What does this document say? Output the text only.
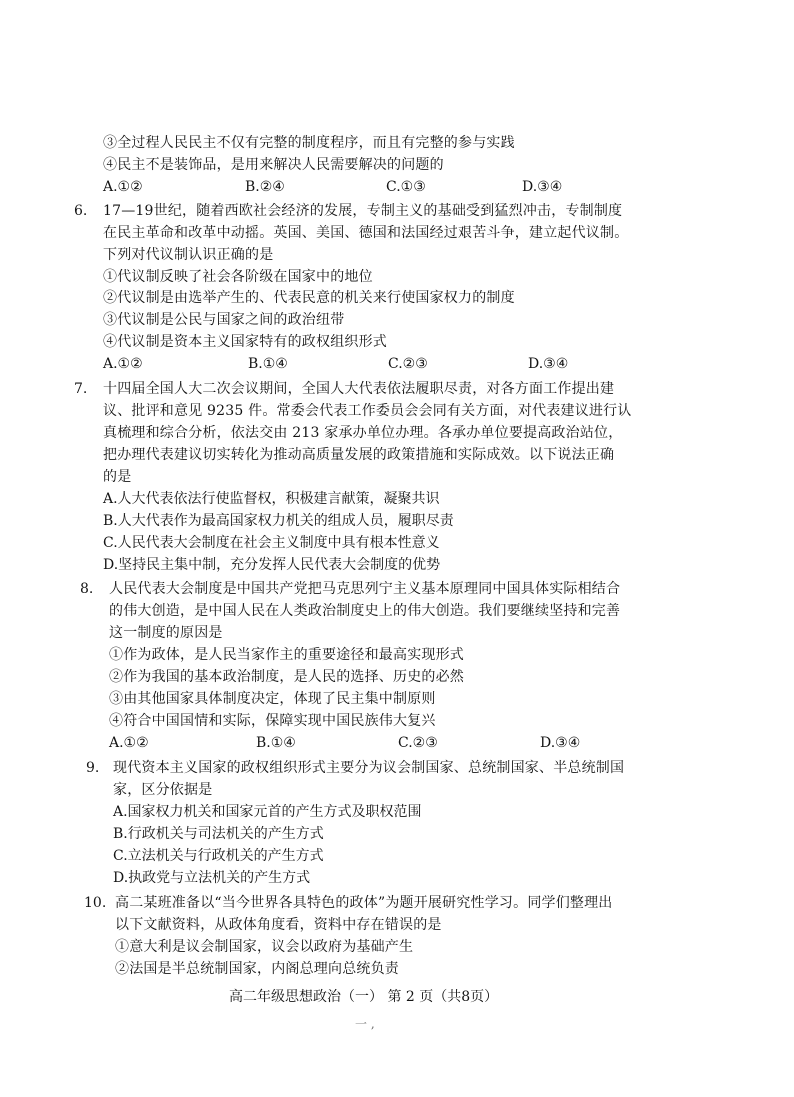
③全过程人民民主不仅有完整的制度程序，而且有完整的参与实践
④民主不是装饰品，是用来解决人民需要解决的问题的
A.①②	B.②④	C.①③	D.③④
6. 17—19世纪，随着西欧社会经济的发展，专制主义的基础受到猛烈冲击，专制制度
在民主革命和改革中动摇。英国、美国、德国和法国经过艰苦斗争，建立起代议制。
下列对代议制认识正确的是
①代议制反映了社会各阶级在国家中的地位
②代议制是由选举产生的、代表民意的机关来行使国家权力的制度
③代议制是公民与国家之间的政治纽带
④代议制是资本主义国家特有的政权组织形式
A.①②	B.①④	C.②③	D.③④
7. 十四届全国人大二次会议期间，全国人大代表依法履职尽责，对各方面工作提出建
议、批评和意见 9235 件。常委会代表工作委员会会同有关方面，对代表建议进行认
真梳理和综合分析，依法交由 213 家承办单位办理。各承办单位要提高政治站位，
把办理代表建议切实转化为推动高质量发展的政策措施和实际成效。以下说法正确
的是
A.人大代表依法行使监督权，积极建言献策，凝聚共识
B.人大代表作为最高国家权力机关的组成人员，履职尽责
C.人民代表大会制度在社会主义制度中具有根本性意义
D.坚持民主集中制，充分发挥人民代表大会制度的优势
8. 人民代表大会制度是中国共产党把马克思列宁主义基本原理同中国具体实际相结合
的伟大创造，是中国人民在人类政治制度史上的伟大创造。我们要继续坚持和完善
这一制度的原因是
①作为政体，是人民当家作主的重要途径和最高实现形式
②作为我国的基本政治制度，是人民的选择、历史的必然
③由其他国家具体制度决定，体现了民主集中制原则
④符合中国国情和实际，保障实现中国民族伟大复兴
A.①②	B.①④	C.②③	D.③④
9. 现代资本主义国家的政权组织形式主要分为议会制国家、总统制国家、半总统制国
家，区分依据是
A.国家权力机关和国家元首的产生方式及职权范围
B.行政机关与司法机关的产生方式
C.立法机关与行政机关的产生方式
D.执政党与立法机关的产生方式
10. 高二某班准备以“当今世界各具特色的政体”为题开展研究性学习。同学们整理出
以下文献资料，从政体角度看，资料中存在错误的是
①意大利是议会制国家，议会以政府为基础产生
②法国是半总统制国家，内阁总理向总统负责
高二年级思想政治（一） 第 2 页（共8页）
一 ,
